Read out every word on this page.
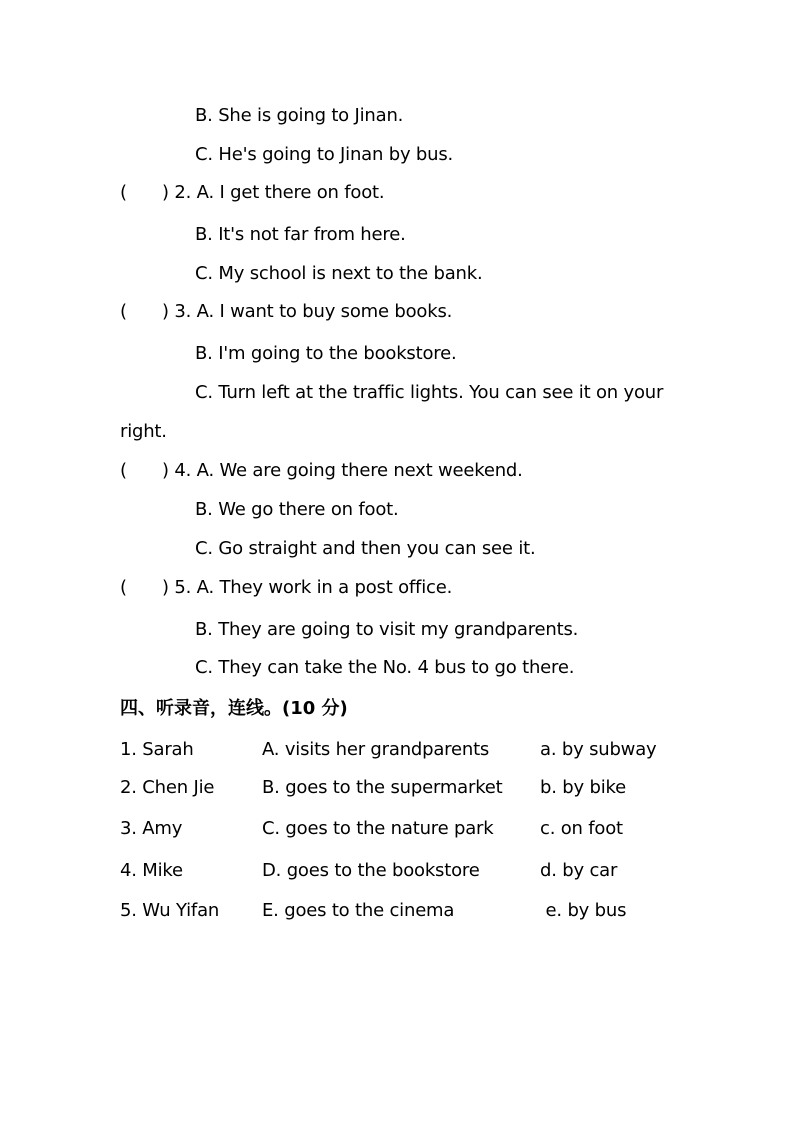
B. She is going to Jinan.
C. He's going to Jinan by bus.
( ) 2. A. I get there on foot.
B. It's not far from here.
C. My school is next to the bank.
( ) 3. A. I want to buy some books.
B. I'm going to the bookstore.
C. Turn left at the traffic lights. You can see it on your
right.
( ) 4. A. We are going there next weekend.
B. We go there on foot.
C. Go straight and then you can see it.
( ) 5. A. They work in a post office.
B. They are going to visit my grandparents.
C. They can take the No. 4 bus to go there.
四、听录音，连线。(10 分)
1. Sarah	A. visits her grandparents	a. by subway
2. Chen Jie	B. goes to the supermarket b. by bike
3. Amy	C. goes to the nature park	c. on foot
4. Mike	D. goes to the bookstore	d. by car
5. Wu Yifan E. goes to the cinema	e. by bus
